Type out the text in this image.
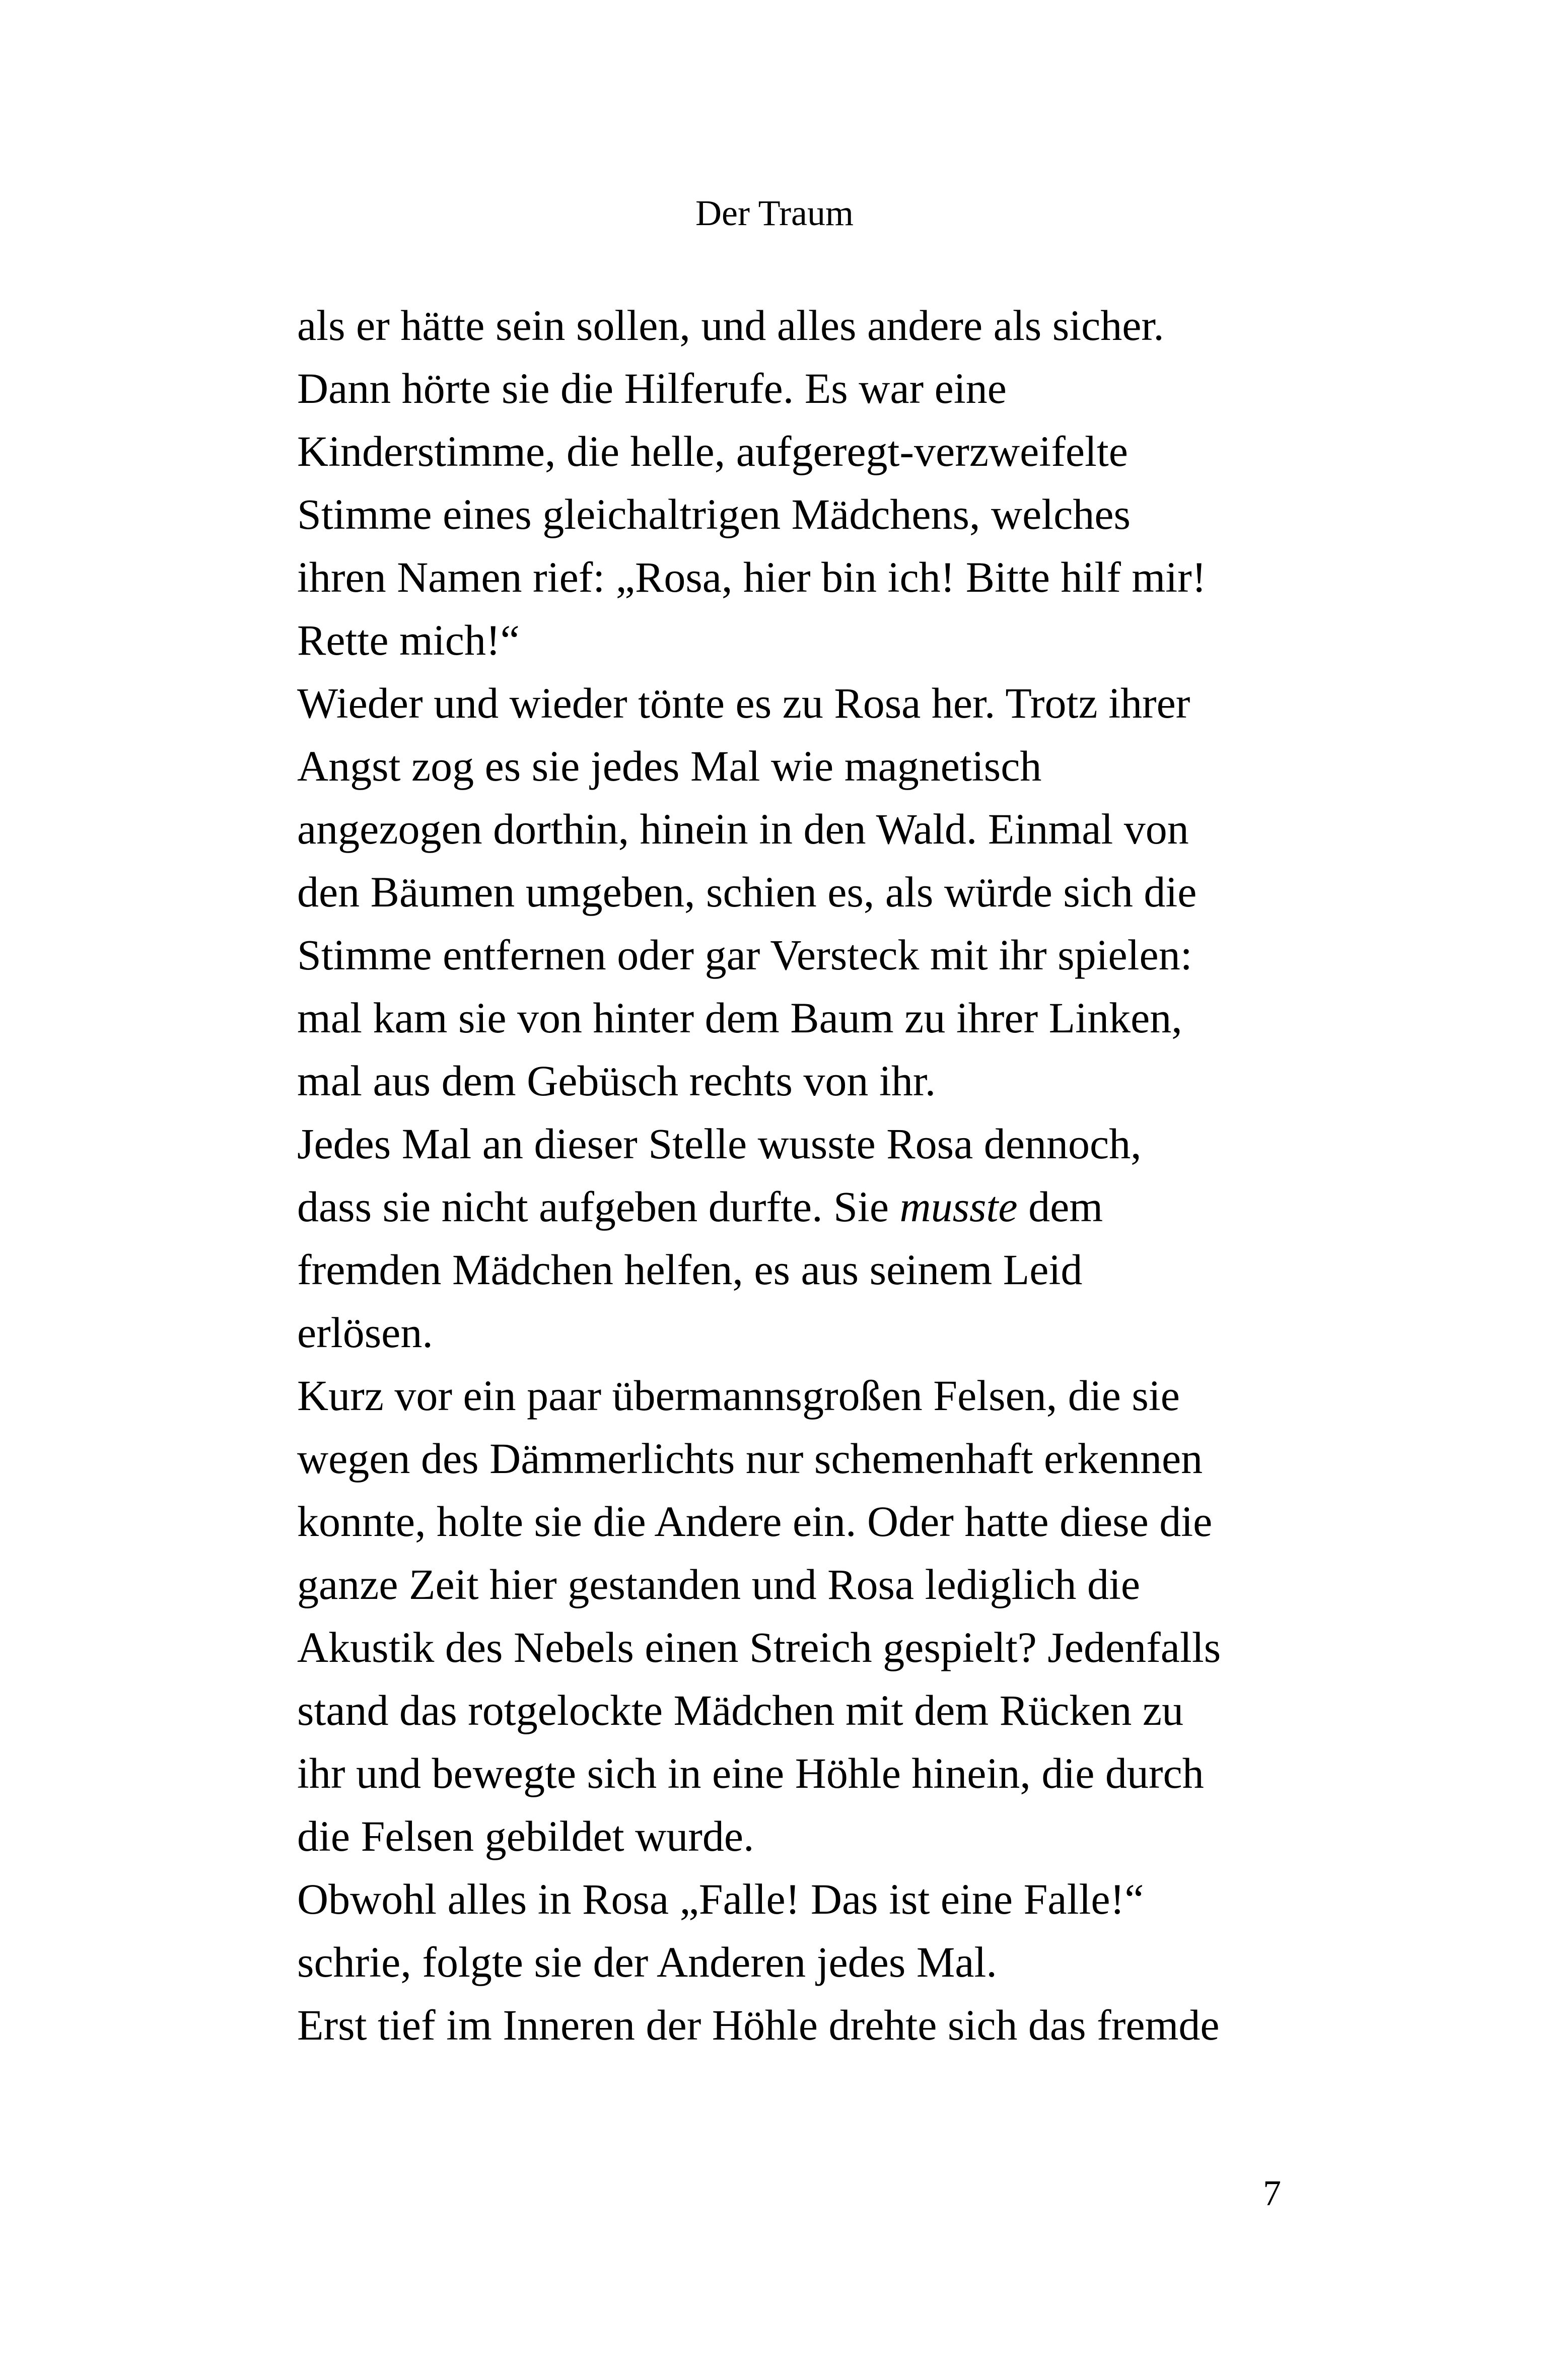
Der Traum
als er hätte sein sollen, und alles andere als sicher.
Dann hörte sie die Hilferufe. Es war eine
Kinderstimme, die helle, aufgeregt-verzweifelte
Stimme eines gleichaltrigen Mädchens, welches
ihren Namen rief: „Rosa, hier bin ich! Bitte hilf mir!
Rette mich!“
Wieder und wieder tönte es zu Rosa her. Trotz ihrer
Angst zog es sie jedes Mal wie magnetisch
angezogen dorthin, hinein in den Wald. Einmal von
den Bäumen umgeben, schien es, als würde sich die
Stimme entfernen oder gar Versteck mit ihr spielen:
mal kam sie von hinter dem Baum zu ihrer Linken,
mal aus dem Gebüsch rechts von ihr.
Jedes Mal an dieser Stelle wusste Rosa dennoch,
dass sie nicht aufgeben durfte. Sie musste dem
fremden Mädchen helfen, es aus seinem Leid
erlösen.
Kurz vor ein paar übermannsgroßen Felsen, die sie
wegen des Dämmerlichts nur schemenhaft erkennen
konnte, holte sie die Andere ein. Oder hatte diese die
ganze Zeit hier gestanden und Rosa lediglich die
Akustik des Nebels einen Streich gespielt? Jedenfalls
stand das rotgelockte Mädchen mit dem Rücken zu
ihr und bewegte sich in eine Höhle hinein, die durch
die Felsen gebildet wurde.
Obwohl alles in Rosa „Falle! Das ist eine Falle!“
schrie, folgte sie der Anderen jedes Mal.
Erst tief im Inneren der Höhle drehte sich das fremde
7
